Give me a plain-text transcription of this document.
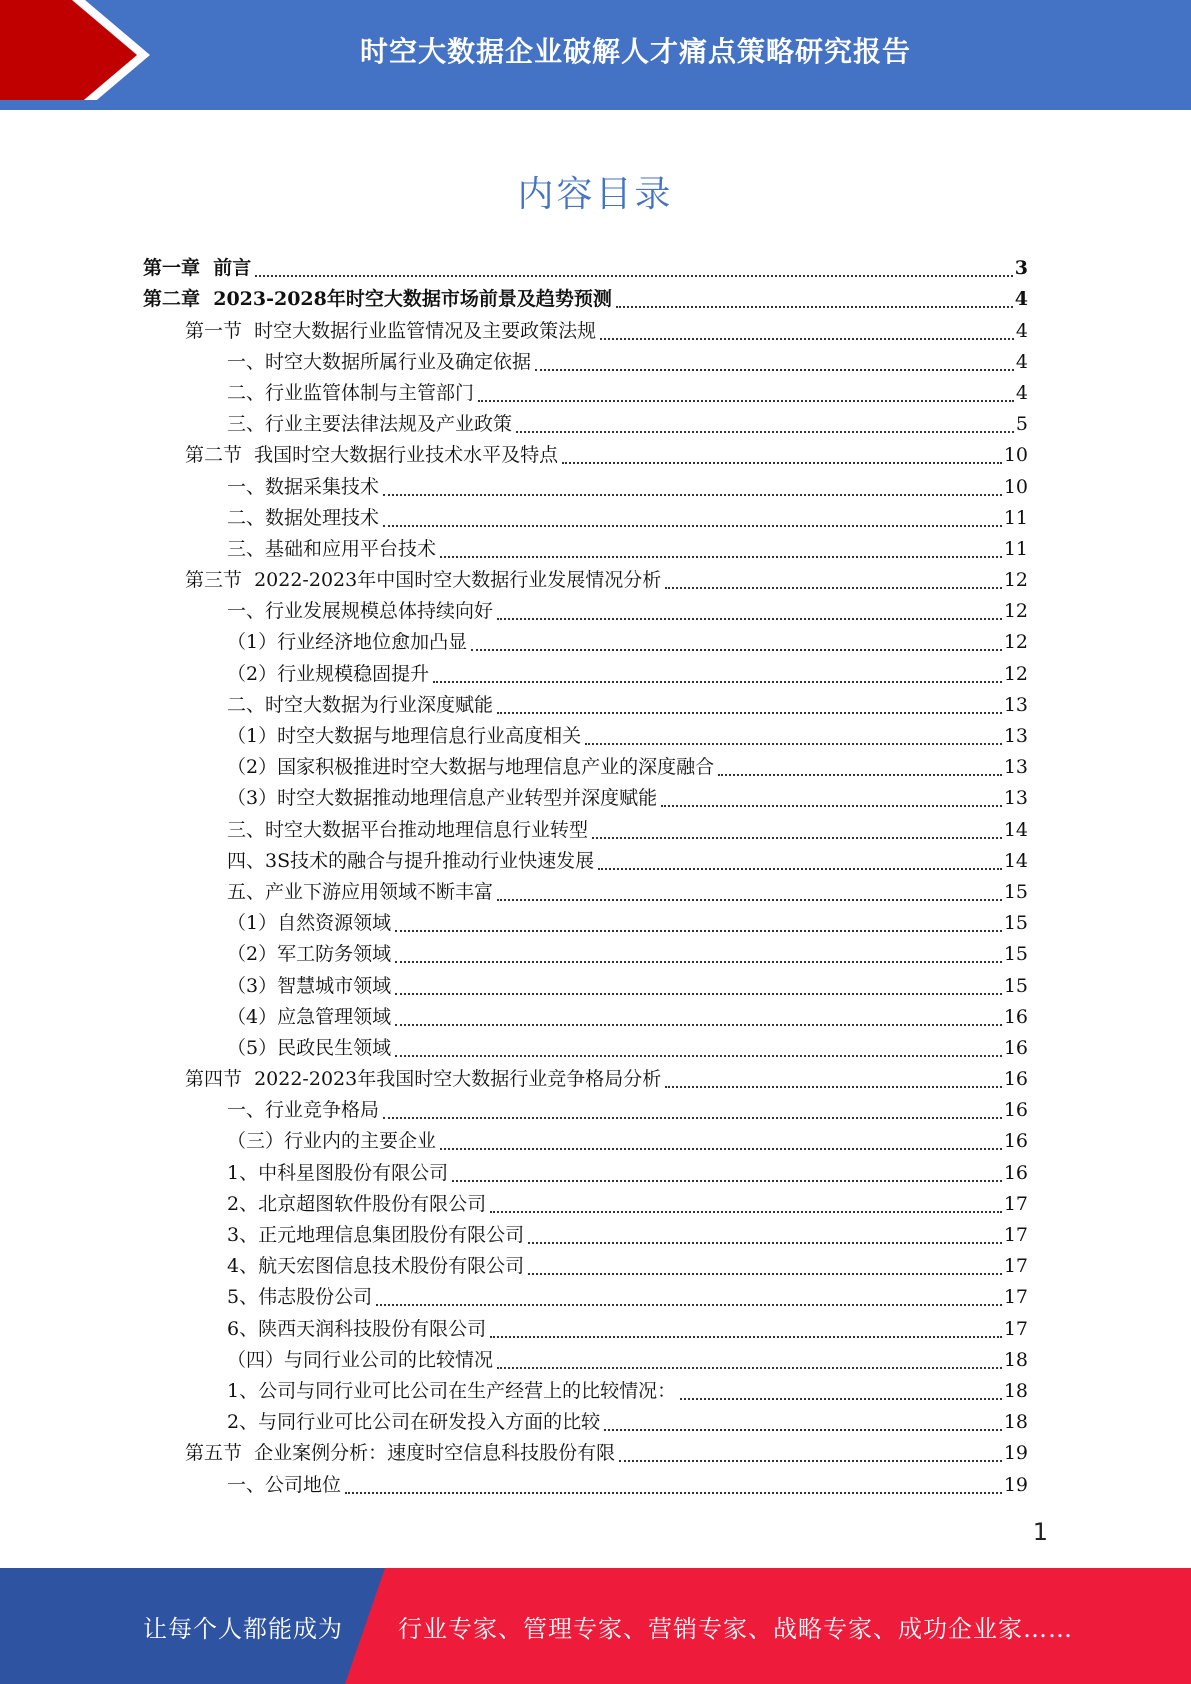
时空大数据企业破解人才痛点策略研究报告
内容目录
第一章  前言	3
第二章  2023-2028年时空大数据市场前景及趋势预测	4
第一节  时空大数据行业监管情况及主要政策法规	4
一、时空大数据所属行业及确定依据	4
二、行业监管体制与主管部门	4
三、行业主要法律法规及产业政策	5
第二节  我国时空大数据行业技术水平及特点	10
一、数据采集技术	10
二、数据处理技术	11
三、基础和应用平台技术	11
第三节  2022-2023年中国时空大数据行业发展情况分析	12
一、行业发展规模总体持续向好	12
（1）行业经济地位愈加凸显	12
（2）行业规模稳固提升	12
二、时空大数据为行业深度赋能	13
（1）时空大数据与地理信息行业高度相关	13
（2）国家积极推进时空大数据与地理信息产业的深度融合	13
（3）时空大数据推动地理信息产业转型并深度赋能	13
三、时空大数据平台推动地理信息行业转型	14
四、3S技术的融合与提升推动行业快速发展	14
五、产业下游应用领域不断丰富	15
（1）自然资源领域	15
（2）军工防务领域	15
（3）智慧城市领域	15
（4）应急管理领域	16
（5）民政民生领域	16
第四节  2022-2023年我国时空大数据行业竞争格局分析	16
一、行业竞争格局	16
（三）行业内的主要企业	16
1、中科星图股份有限公司	16
2、北京超图软件股份有限公司	17
3、正元地理信息集团股份有限公司	17
4、航天宏图信息技术股份有限公司	17
5、伟志股份公司	17
6、陕西天润科技股份有限公司	17
（四）与同行业公司的比较情况	18
1、公司与同行业可比公司在生产经营上的比较情况：	18
2、与同行业可比公司在研发投入方面的比较	18
第五节  企业案例分析：速度时空信息科技股份有限	19
一、公司地位	19
1
让每个人都能成为 行业专家、管理专家、营销专家、战略专家、成功企业家……
